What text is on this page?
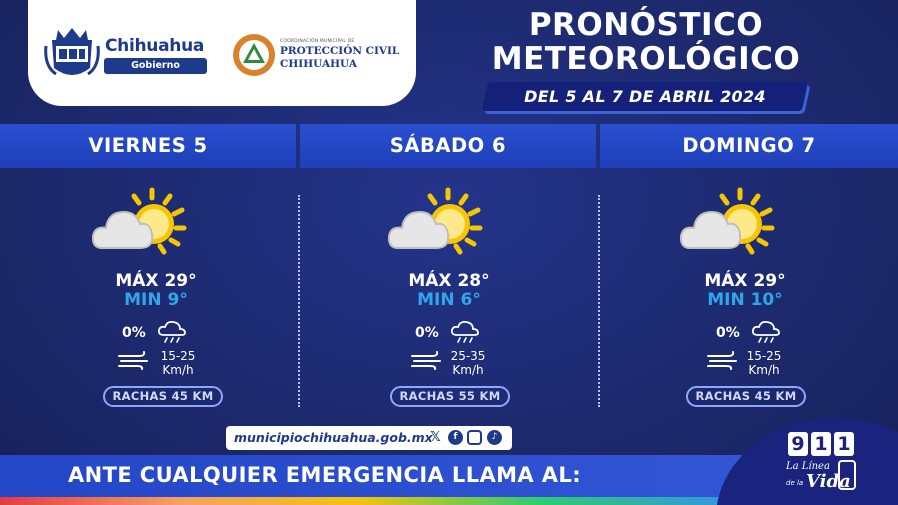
Chihuahua
Gobierno Municipal
COORDINACIÓN MUNICIPAL DE
PROTECCIÓN CIVIL
CHIHUAHUA
PRONÓSTICO
METEOROLÓGICO
DEL 5 AL 7 DE ABRIL 2024
VIERNES 5	SÁBADO 6	DOMINGO 7
MÁX 29°
MIN 9°
0%
15-25
Km/h
RACHAS 45 KM
MÁX 28°
MIN 6°
0%
25-35
Km/h
RACHAS 55 KM
MÁX 29°
MIN 10°
0%
15-25
Km/h
RACHAS 45 KM
municipiochihuahua.gob.mx
𝕏	f	♪
ANTE CUALQUIER EMERGENCIA LLAMA AL:
9 1 1
La Línea
de la Vida
